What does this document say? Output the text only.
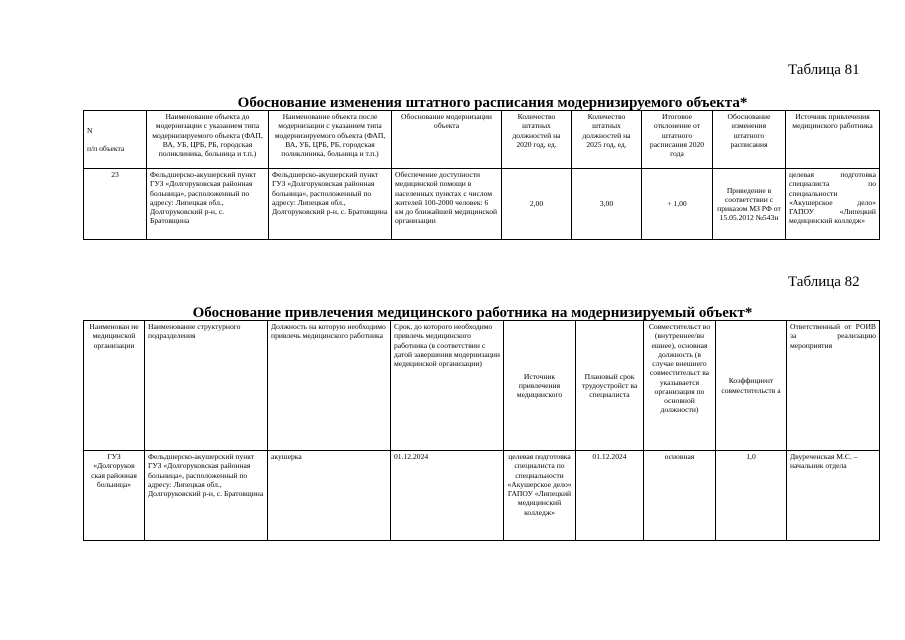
Таблица 81
Обоснование изменения штатного расписания модернизируемого объекта*
N

п/п объекта	Наименование объекта до модернизации с указанием типа модернизируемого объекта (ФАП, ВА, УБ, ЦРБ, РБ, городская поликлиника, больница и т.п.)	Наименование объекта после модернизации с указанием типа модернизируемого объекта (ФАП, ВА, УБ, ЦРБ, РБ, городская поликлиника, больница и т.п.)	Обоснование модернизации объекта	Количество штатных должностей на 2020 год, ед.	Количество штатных должностей на 2025 год, ед.	Итоговое отклонение от штатного расписания 2020 года	Обоснование изменения штатного расписания	Источник привлечения медицинского работника
23	Фельдшерско-акушерский пункт ГУЗ «Долгоруковская районная больница», расположенный по адресу: Липецкая обл., Долгоруковский р-н, с. Братовщина	Фельдшерско-акушерский пункт ГУЗ «Долгоруковская районная больница», расположенный по адресу: Липецкая обл., Долгоруковский р-н, с. Братовщина	Обеспечение доступности медицинской помощи в населенных пунктах с числом жителей 100-2000 человек: 6 км до ближайшей медицинской организации	2,00	3,00	+ 1,00	Приведение в соответствии с приказом МЗ РФ от 15.05.2012 №543н	целевая подготовка специалиста по специальности «Акушерское дело» ГАПОУ «Липецкий медицинский колледж»
Таблица 82
Обоснование привлечения медицинского работника на модернизируемый объект*
Наименован ие медицинской организации	Наименование структурного подразделения	Должность на которую необходимо привлечь медицинского работника	Срок, до которого необходимо привлечь медицинского работника (в соответствии с датой завершения модернизации медицинской организации)	Источник привлечения медицинского	Плановый срок трудоустройст ва специалиста	Совместительст во (внутреннее/вн ешнее), основная должность (в случае внешнего совместительст ва указывается организация по основной должности)	Коэффициент совместительств а	Ответственный от РОИВ за реализацию мероприятия
ГУЗ «Долгоруков ская районная больница»	Фельдшерско-акушерский пункт ГУЗ «Долгоруковская районная больница», расположенный по адресу: Липецкая обл., Долгоруковский р-н, с. Братовщина	акушерка	01.12.2024	целевая подготовка специалиста по специальности «Акушерское дело» ГАПОУ «Липецкий медицинский колледж»	01.12.2024	основная	1,0	Двуреченская М.С. – начальник отдела
